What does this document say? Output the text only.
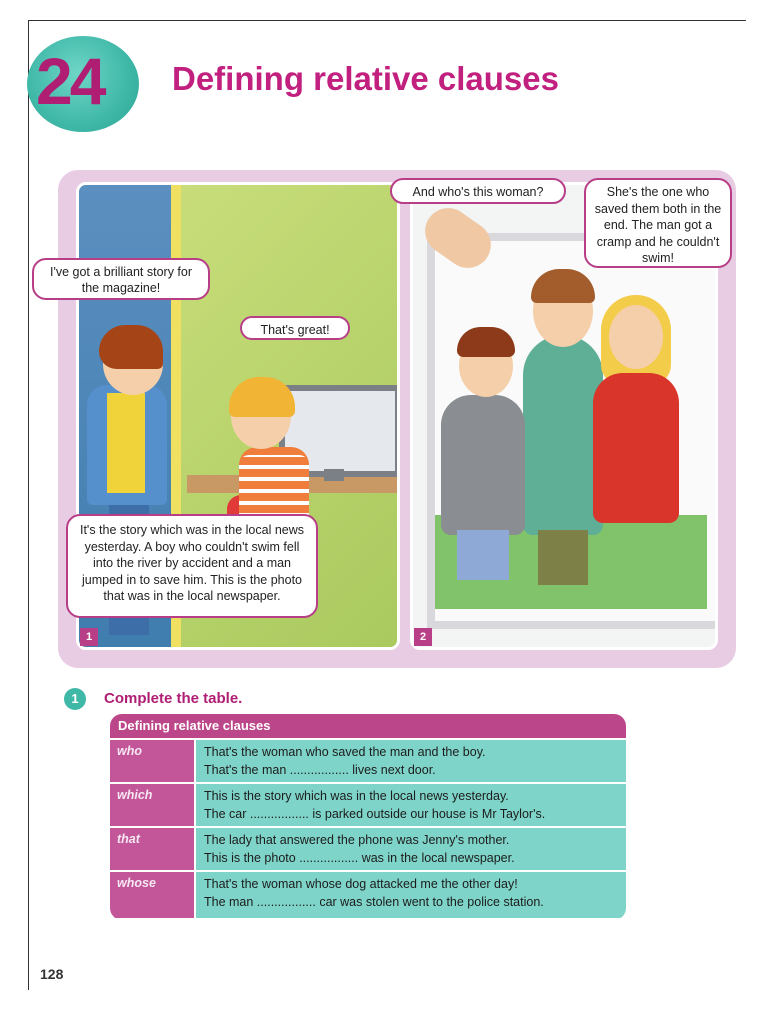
24 Defining relative clauses
I've got a brilliant story for the magazine!
That's great!
It's the story which was in the local news yesterday. A boy who couldn't swim fell into the river by accident and a man jumped in to save him. This is the photo that was in the local newspaper.
And who's this woman?	She's the one who saved them both in the end. The man got a cramp and he couldn't swim!
1	2
1	Complete the table.
Defining relative clauses
who	That's the woman who saved the man and the boy.
That's the man ................. lives next door.
which	This is the story which was in the local news yesterday.
The car ................. is parked outside our house is Mr Taylor's.
that	The lady that answered the phone was Jenny's mother.
This is the photo ................. was in the local newspaper.
whose	That's the woman whose dog attacked me the other day!
The man ................. car was stolen went to the police station.
128
